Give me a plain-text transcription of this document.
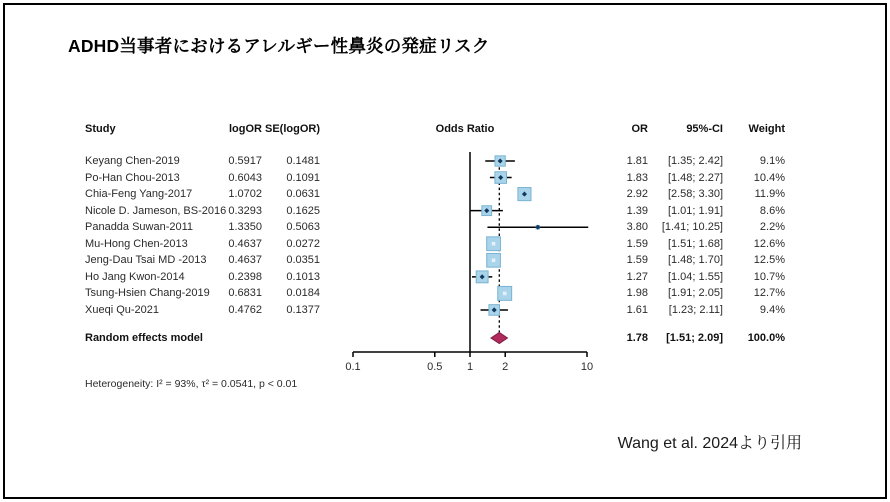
ADHD当事者におけるアレルギー性鼻炎の発症リスク
0.1	0.5 1	2	10
Study	logOR SE(logOR)	Odds Ratio	OR	95%-CI	Weight
Keyang Chen-2019	0.5917	0.1481	1.81	[1.35; 2.42]	9.1%
Po-Han Chou-2013	0.6043	0.1091	1.83	[1.48; 2.27]	10.4%
Chia-Feng Yang-2017	1.0702	0.0631	2.92	[2.58; 3.30]	11.9%
Nicole D. Jameson, BS-2016 0.3293	0.1625	1.39	[1.01; 1.91]	8.6%
Panadda Suwan-2011	1.3350	0.5063	3.80	[1.41; 10.25]	2.2%
Mu-Hong Chen-2013	0.4637	0.0272	1.59	[1.51; 1.68]	12.6%
Jeng-Dau Tsai MD -2013	0.4637	0.0351	1.59	[1.48; 1.70]	12.5%
Ho Jang Kwon-2014	0.2398	0.1013	1.27	[1.04; 1.55]	10.7%
Tsung-Hsien Chang-2019	0.6831	0.0184	1.98	[1.91; 2.05]	12.7%
Xueqi Qu-2021	0.4762	0.1377	1.61	[1.23; 2.11]	9.4%
Random effects model	1.78	[1.51; 2.09]	100.0%
Heterogeneity: I² = 93%, τ² = 0.0541, p < 0.01
Wang et al. 2024より引用
